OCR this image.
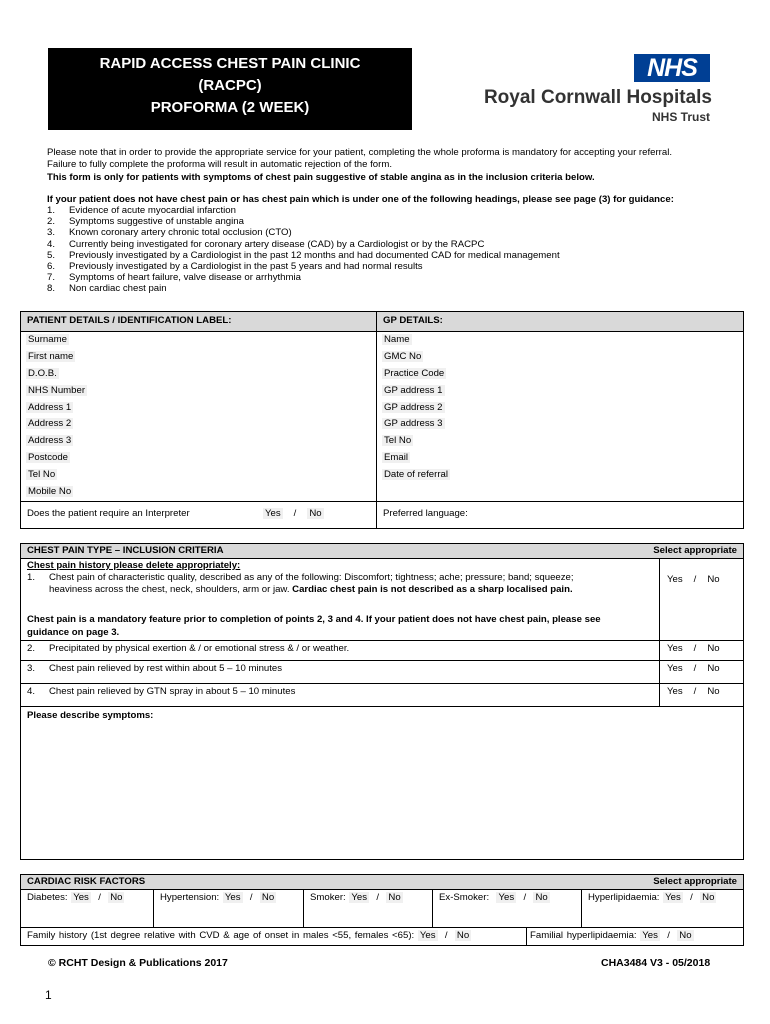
RAPID ACCESS CHEST PAIN CLINIC
(RACPC)
PROFORMA (2 WEEK)
NHS
Royal Cornwall Hospitals
NHS Trust
Please note that in order to provide the appropriate service for your patient, completing the whole proforma is mandatory for accepting your referral.
Failure to fully complete the proforma will result in automatic rejection of the form.
This form is only for patients with symptoms of chest pain suggestive of stable angina as in the inclusion criteria below.
If your patient does not have chest pain or has chest pain which is under one of the following headings, please see page (3) for guidance:
1.	Evidence of acute myocardial infarction
2.	Symptoms suggestive of unstable angina
3.	Known coronary artery chronic total occlusion (CTO)
4.	Currently being investigated for coronary artery disease (CAD) by a Cardiologist or by the RACPC
5.	Previously investigated by a Cardiologist in the past 12 months and had documented CAD for medical management
6.	Previously investigated by a Cardiologist in the past 5 years and had normal results
7.	Symptoms of heart failure, valve disease or arrhythmia
8.	Non cardiac chest pain
PATIENT DETAILS / IDENTIFICATION LABEL:	GP DETAILS:
Surname
First name
D.O.B.
NHS Number
Address 1
Address 2
Address 3
Postcode
Tel No
Mobile No
Name
GMC No
Practice Code
GP address 1
GP address 2
GP address 3
Tel No
Email
Date of referral
Does the patient require an Interpreter	Yes / No	Preferred language:
CHEST PAIN TYPE – INCLUSION CRITERIA	Select appropriate
Chest pain history please delete appropriately:
1. Chest pain of characteristic quality, described as any of the following: Discomfort; tightness; ache; pressure; band; squeeze;
heaviness across the chest, neck, shoulders, arm or jaw. Cardiac chest pain is not described as a sharp localised pain.
Yes / No
Chest pain is a mandatory feature prior to completion of points 2, 3 and 4. If your patient does not have chest pain, please see
guidance on page 3.
2. Precipitated by physical exertion & / or emotional stress & / or weather.	Yes / No
3. Chest pain relieved by rest within about 5 – 10 minutes	Yes / No
4. Chest pain relieved by GTN spray in about 5 – 10 minutes	Yes / No
Please describe symptoms:
CARDIAC RISK FACTORS	Select appropriate
Diabetes: Yes / No	Hypertension: Yes / No	Smoker: Yes / No	Ex-Smoker: Yes / No	Hyperlipidaemia: Yes / No
Family history (1st degree relative with CVD & age of onset in males <55, females <65): Yes / No	Familial hyperlipidaemia: Yes / No
© RCHT Design & Publications 2017	CHA3484 V3 - 05/2018
1
